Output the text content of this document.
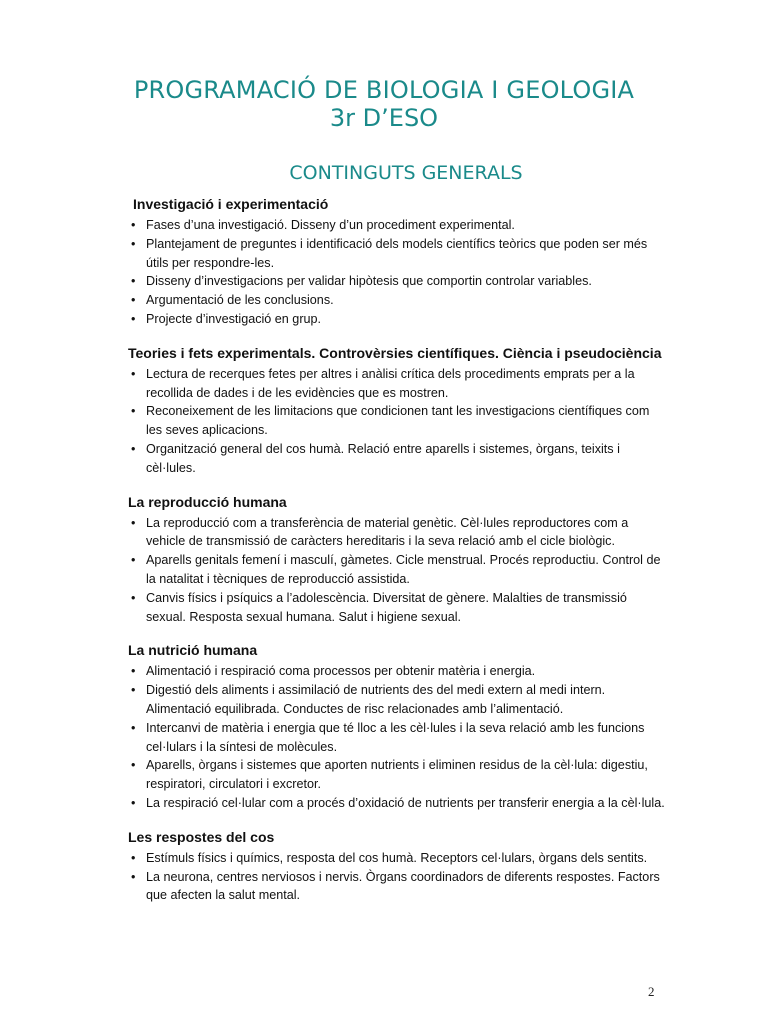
PROGRAMACIÓ DE BIOLOGIA I GEOLOGIA
3r D’ESO
CONTINGUTS GENERALS
Investigació i experimentació
• Fases d’una investigació. Disseny d’un procediment experimental.
• Plantejament de preguntes i identificació dels models científics teòrics que poden ser més útils per respondre-les.
• Disseny d’investigacions per validar hipòtesis que comportin controlar variables.
• Argumentació de les conclusions.
• Projecte d’investigació en grup.
Teories i fets experimentals. Controvèrsies científiques. Ciència i pseudociència
• Lectura de recerques fetes per altres i anàlisi crítica dels procediments emprats per a la recollida de dades i de les evidències que es mostren.
• Reconeixement de les limitacions que condicionen tant les investigacions científiques com les seves aplicacions.
• Organització general del cos humà. Relació entre aparells i sistemes, òrgans, teixits i cèl·lules.
La reproducció humana
• La reproducció com a transferència de material genètic. Cèl·lules reproductores com a vehicle de transmissió de caràcters hereditaris i la seva relació amb el cicle biològic.
• Aparells genitals femení i masculí, gàmetes. Cicle menstrual. Procés reproductiu. Control de la natalitat i tècniques de reproducció assistida.
• Canvis físics i psíquics a l’adolescència. Diversitat de gènere. Malalties de transmissió sexual. Resposta sexual humana. Salut i higiene sexual.
La nutrició humana
• Alimentació i respiració coma processos per obtenir matèria i energia.
• Digestió dels aliments i assimilació de nutrients des del medi extern al medi intern. Alimentació equilibrada. Conductes de risc relacionades amb l’alimentació.
• Intercanvi de matèria i energia que té lloc a les cèl·lules i la seva relació amb les funcions cel·lulars i la síntesi de molècules.
• Aparells, òrgans i sistemes que aporten nutrients i eliminen residus de la cèl·lula: digestiu, respiratori, circulatori i excretor.
• La respiració cel·lular com a procés d’oxidació de nutrients per transferir energia a la cèl·lula.
Les respostes del cos
• Estímuls físics i químics, resposta del cos humà. Receptors cel·lulars, òrgans dels sentits.
• La neurona, centres nerviosos i nervis. Òrgans coordinadors de diferents respostes. Factors que afecten la salut mental.
2
